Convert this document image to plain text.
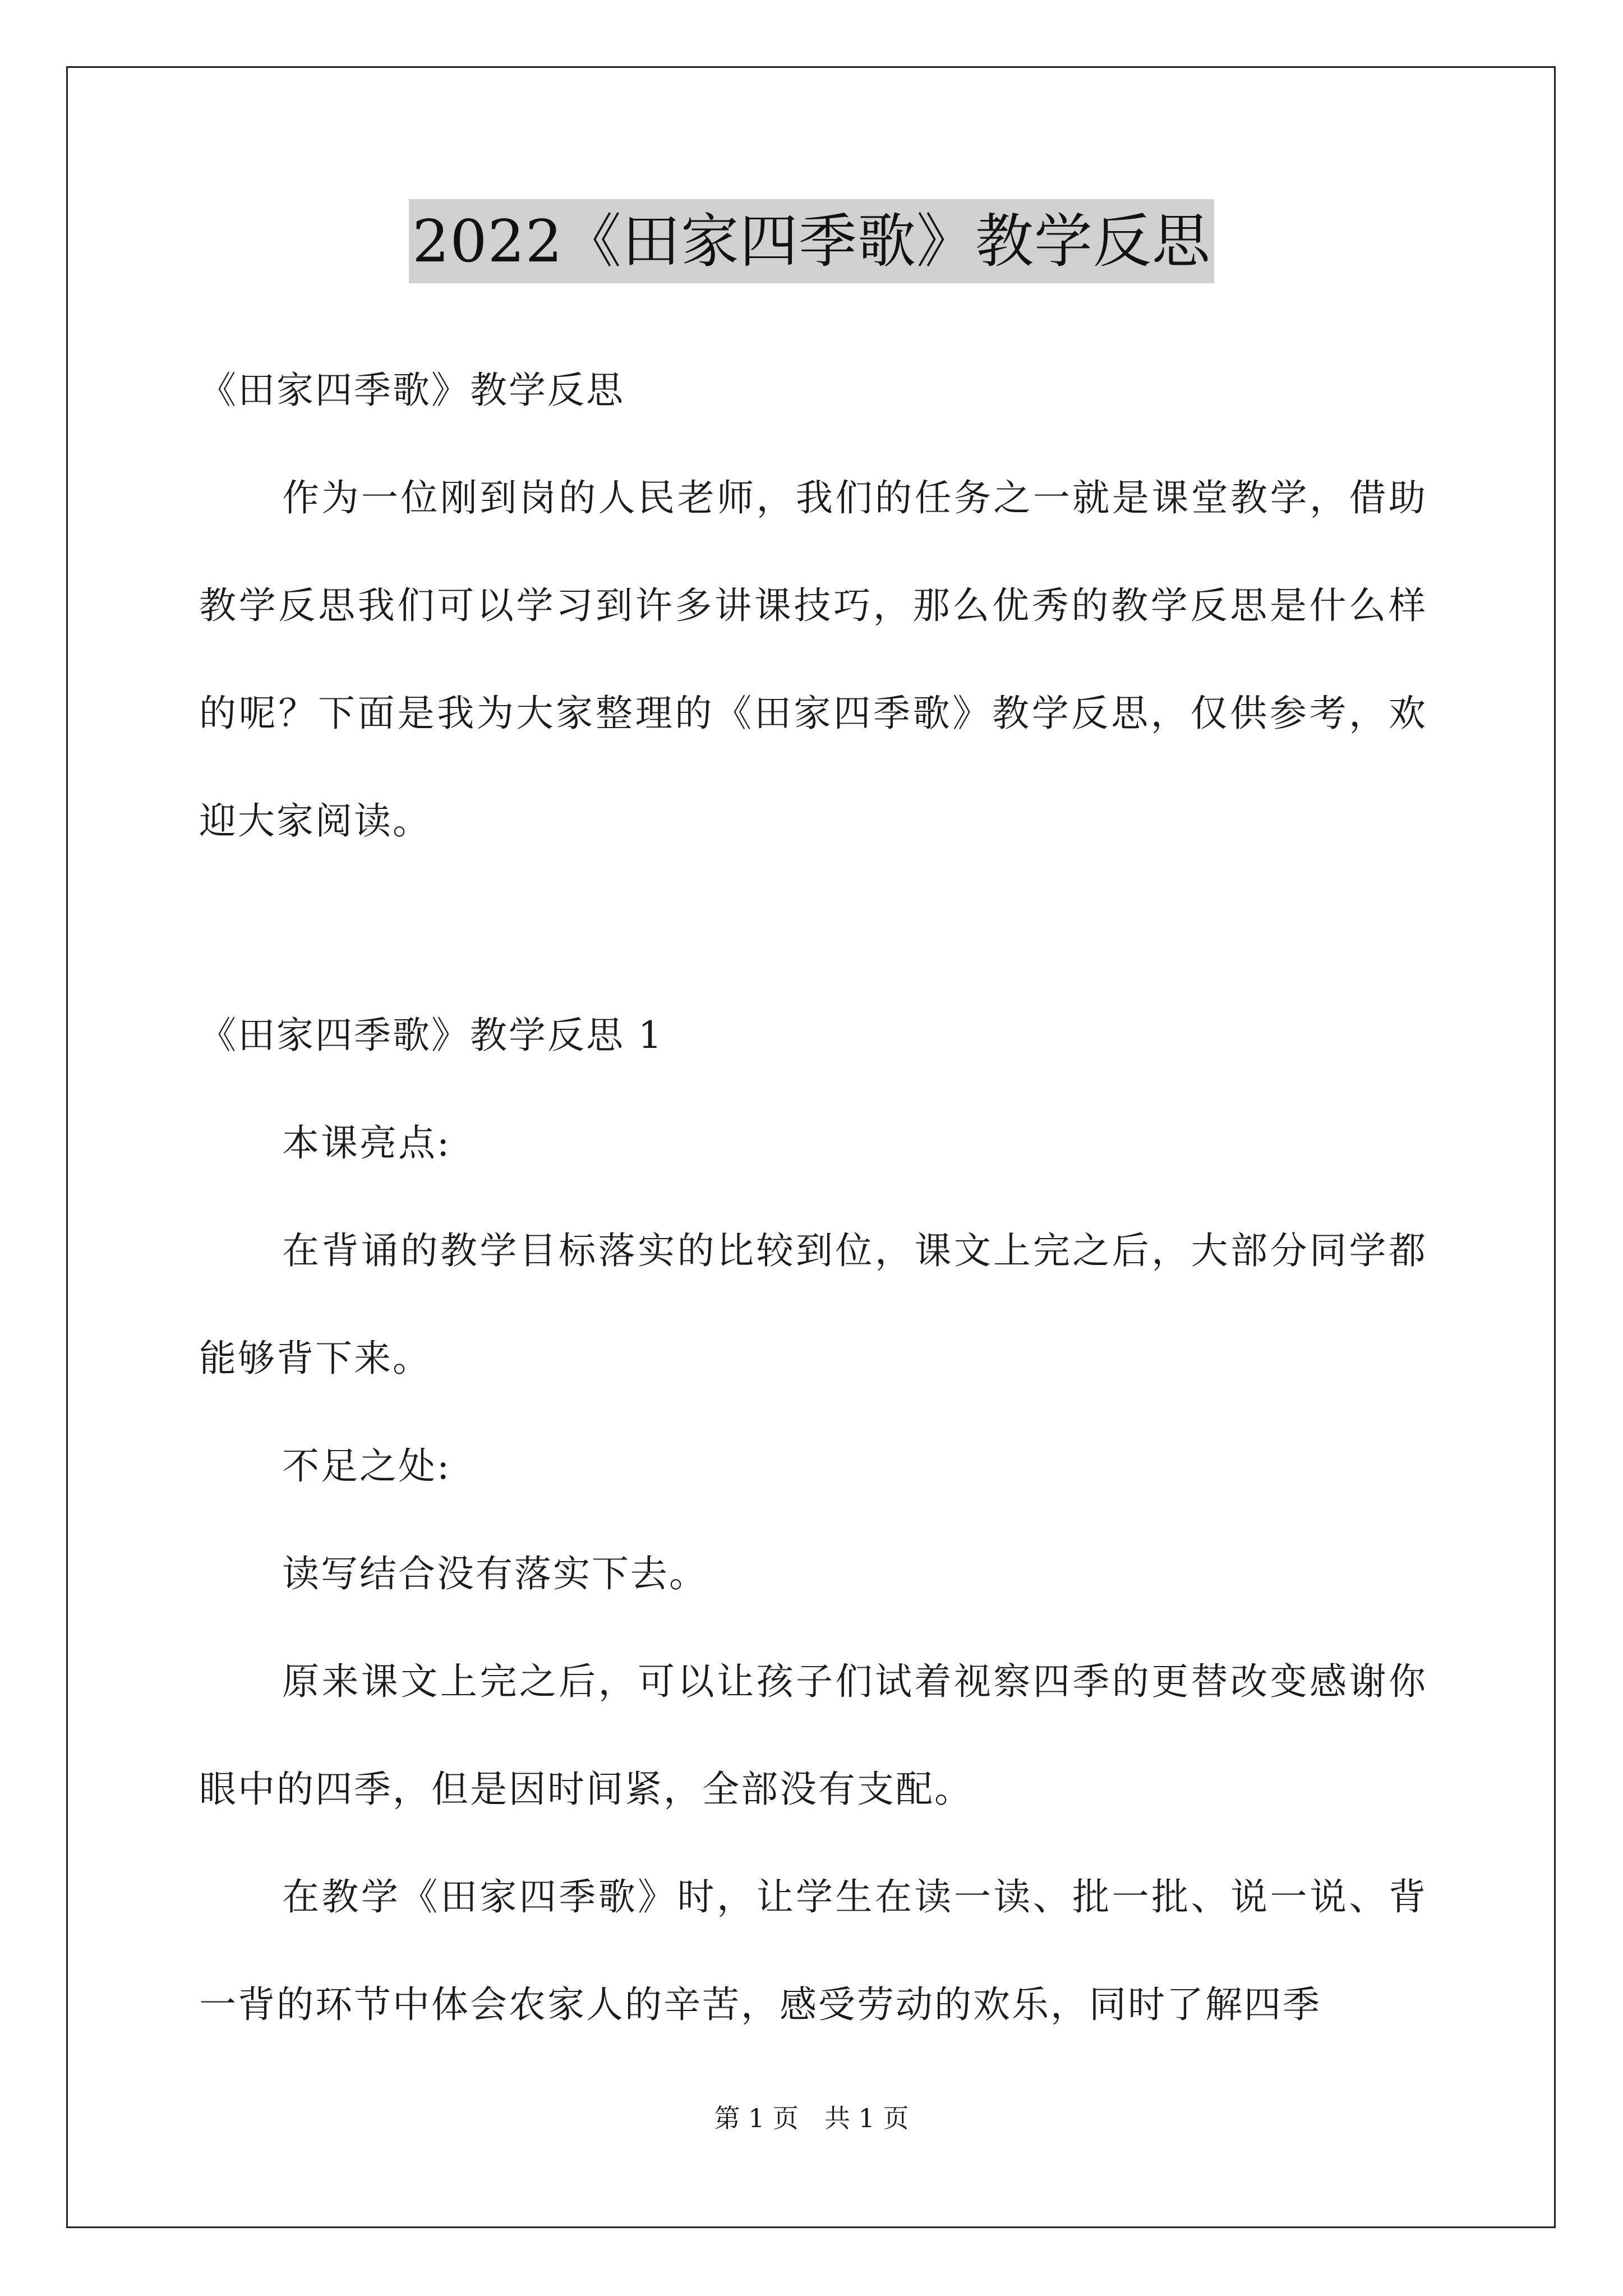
2022《田家四季歌》教学反思

《田家四季歌》教学反思

作为一位刚到岗的人民老师，我们的任务之一就是课堂教学，借助教学反思我们可以学习到许多讲课技巧，那么优秀的教学反思是什么样的呢？下面是我为大家整理的《田家四季歌》教学反思，仅供参考，欢迎大家阅读。

《田家四季歌》教学反思 1

本课亮点:

在背诵的教学目标落实的比较到位，课文上完之后，大部分同学都能够背下来。

不足之处:

读写结合没有落实下去。

原来课文上完之后，可以让孩子们试着视察四季的更替改变感谢你眼中的四季，但是因时间紧，全部没有支配。

在教学《田家四季歌》时，让学生在读一读、批一批、说一说、背一背的环节中体会农家人的辛苦，感受劳动的欢乐，同时了解四季

第 1 页　共 1 页
